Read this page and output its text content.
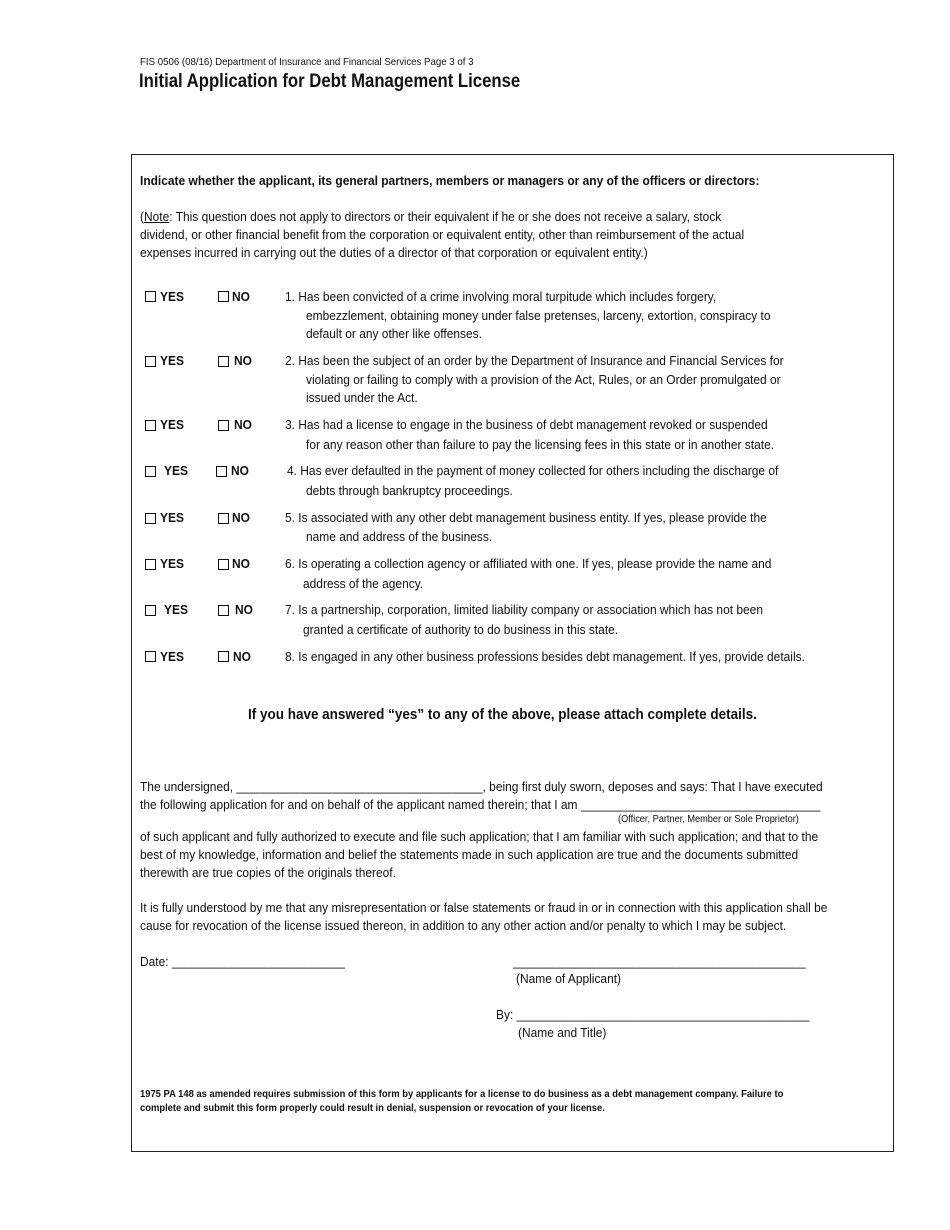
FIS 0506 (08/16) Department of Insurance and Financial Services Page 3 of 3
Initial Application for Debt Management License
Indicate whether the applicant, its general partners, members or managers or any of the officers or directors:
(Note: This question does not apply to directors or their equivalent if he or she does not receive a salary, stock
dividend, or other financial benefit from the corporation or equivalent entity, other than reimbursement of the actual
expenses incurred in carrying out the duties of a director of that corporation or equivalent entity.)
YES	NO	1. Has been convicted of a crime involving moral turpitude which includes forgery,
embezzlement, obtaining money under false pretenses, larceny, extortion, conspiracy to
default or any other like offenses.
YES	NO	2. Has been the subject of an order by the Department of Insurance and Financial Services for
violating or failing to comply with a provision of the Act, Rules, or an Order promulgated or
issued under the Act.
YES	NO	3. Has had a license to engage in the business of debt management revoked or suspended
for any reason other than failure to pay the licensing fees in this state or in another state.
YES	NO	4. Has ever defaulted in the payment of money collected for others including the discharge of
debts through bankruptcy proceedings.
YES	NO	5. Is associated with any other debt management business entity. If yes, please provide the
name and address of the business.
YES	NO	6. Is operating a collection agency or affiliated with one. If yes, please provide the name and
address of the agency.
YES	NO 7. Is a partnership, corporation, limited liability company or association which has not been
granted a certificate of authority to do business in this state.
YES	NO	8. Is engaged in any other business professions besides debt management. If yes, provide details.
If you have answered “yes” to any of the above, please attach complete details.
The undersigned, _____________________________________, being first duly sworn, deposes and says: That I have executed
the following application for and on behalf of the applicant named therein; that I am ____________________________________
(Officer, Partner, Member or Sole Proprietor)
of such applicant and fully authorized to execute and file such application; that I am familiar with such application; and that to the
best of my knowledge, information and belief the statements made in such application are true and the documents submitted
therewith are true copies of the originals thereof.
It is fully understood by me that any misrepresentation or false statements or fraud in or in connection with this application shall be
cause for revocation of the license issued thereon, in addition to any other action and/or penalty to which I may be subject.
Date: __________________________	____________________________________________
(Name of Applicant)
By: ____________________________________________
(Name and Title)
1975 PA 148 as amended requires submission of this form by applicants for a license to do business as a debt management company. Failure to
complete and submit this form properly could result in denial, suspension or revocation of your license.
